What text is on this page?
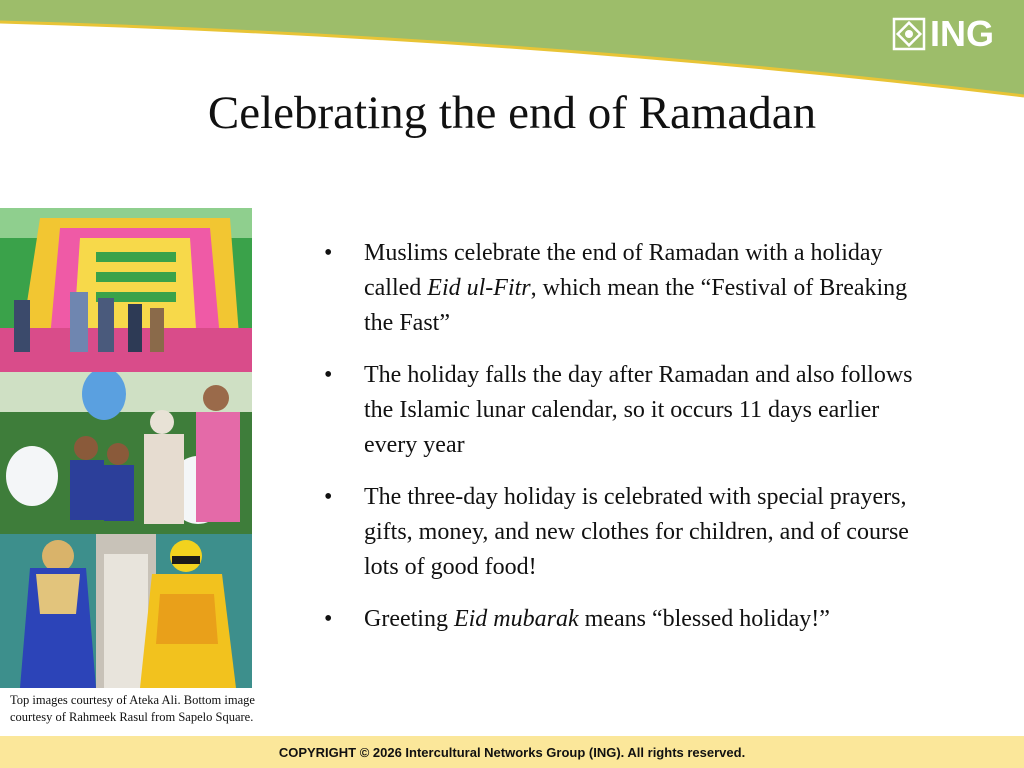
ING
Celebrating the end of Ramadan

Top images courtesy of Ateka Ali. Bottom image courtesy of Rahmeek Rasul from Sapelo Square.

• Muslims celebrate the end of Ramadan with a holiday called Eid ul-Fitr, which mean the “Festival of Breaking the Fast”
• The holiday falls the day after Ramadan and also follows the Islamic lunar calendar, so it occurs 11 days earlier every year
• The three-day holiday is celebrated with special prayers, gifts, money, and new clothes for children, and of course lots of good food!
• Greeting Eid mubarak means “blessed holiday!”
COPYRIGHT © 2026 Intercultural Networks Group (ING). All rights reserved.
